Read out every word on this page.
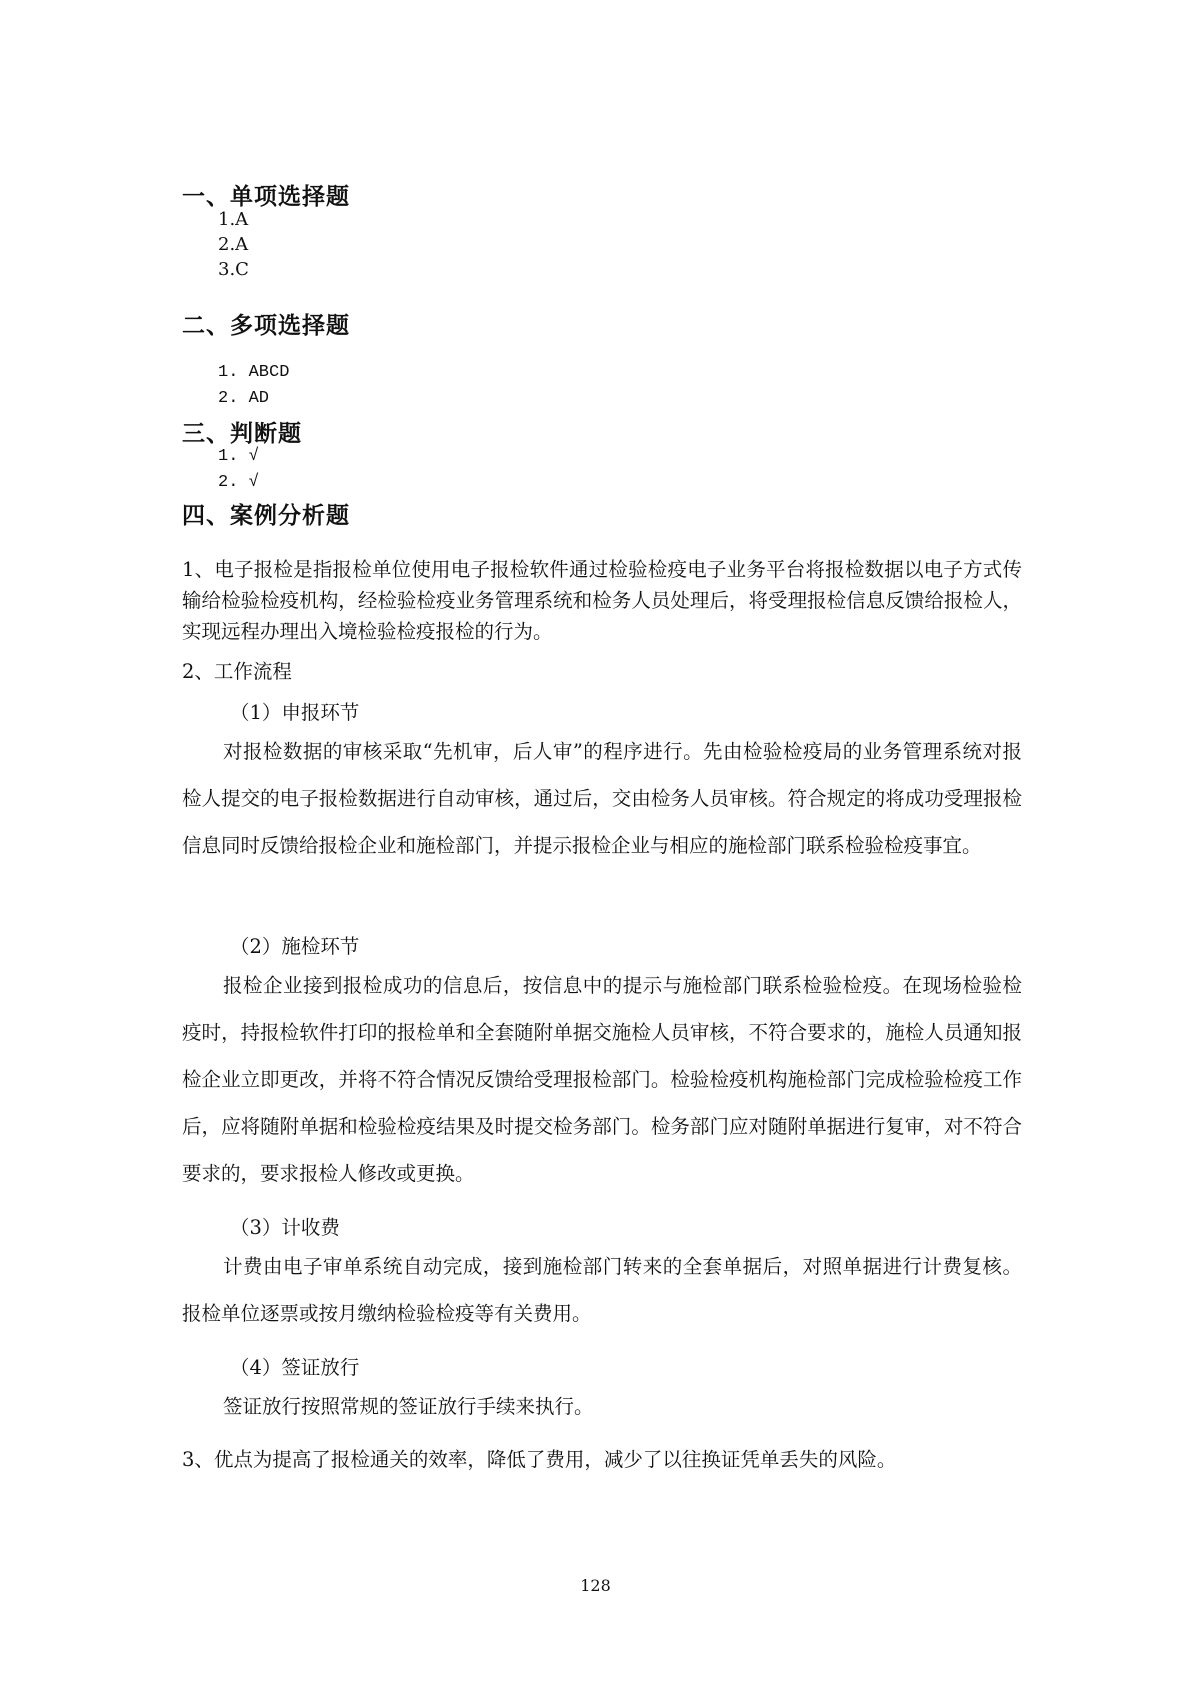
一、单项选择题
1.A
2.A
3.C
二、多项选择题
1. ABCD
2. AD
三、判断题
1. √
2. √
四、案例分析题
1、电子报检是指报检单位使用电子报检软件通过检验检疫电子业务平台将报检数据以电子方式传输给检验检疫机构，经检验检疫业务管理系统和检务人员处理后，将受理报检信息反馈给报检人，实现远程办理出入境检验检疫报检的行为。
2、工作流程
（1）申报环节
对报检数据的审核采取“先机审，后人审”的程序进行。先由检验检疫局的业务管理系统对报检人提交的电子报检数据进行自动审核，通过后，交由检务人员审核。符合规定的将成功受理报检信息同时反馈给报检企业和施检部门，并提示报检企业与相应的施检部门联系检验检疫事宜。
（2）施检环节
报检企业接到报检成功的信息后，按信息中的提示与施检部门联系检验检疫。在现场检验检疫时，持报检软件打印的报检单和全套随附单据交施检人员审核，不符合要求的，施检人员通知报检企业立即更改，并将不符合情况反馈给受理报检部门。检验检疫机构施检部门完成检验检疫工作后，应将随附单据和检验检疫结果及时提交检务部门。检务部门应对随附单据进行复审，对不符合要求的，要求报检人修改或更换。
（3）计收费
计费由电子审单系统自动完成，接到施检部门转来的全套单据后，对照单据进行计费复核。报检单位逐票或按月缴纳检验检疫等有关费用。
（4）签证放行
签证放行按照常规的签证放行手续来执行。
3、优点为提高了报检通关的效率，降低了费用，减少了以往换证凭单丢失的风险。
128
